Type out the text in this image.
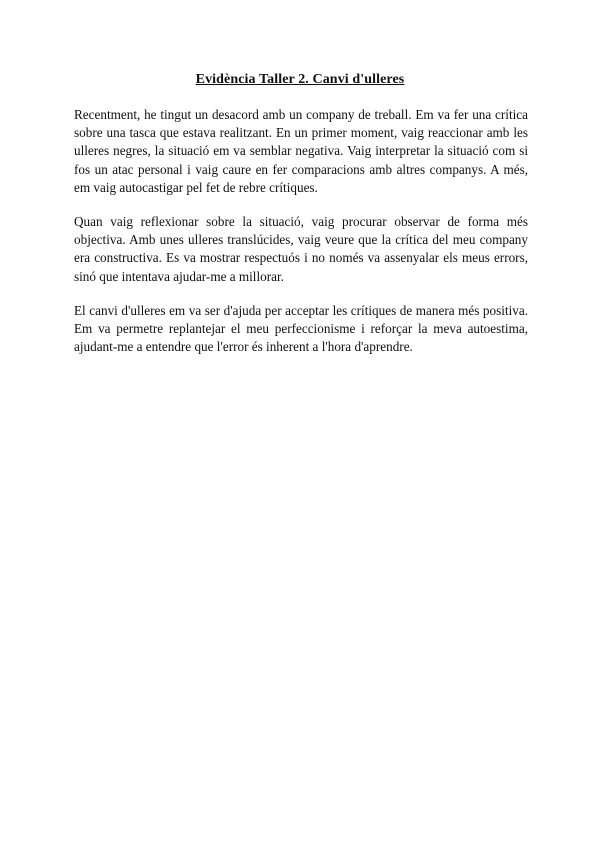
Evidència Taller 2. Canvi d'ulleres

Recentment, he tingut un desacord amb un company de treball. Em va fer una crítica sobre una tasca que estava realitzant. En un primer moment, vaig reaccionar amb les ulleres negres, la situació em va semblar negativa. Vaig interpretar la situació com si fos un atac personal i vaig caure en fer comparacions amb altres companys. A més, em vaig autocastigar pel fet de rebre crítiques.

Quan vaig reflexionar sobre la situació, vaig procurar observar de forma més objectiva. Amb unes ulleres translúcides, vaig veure que la crítica del meu company era constructiva. Es va mostrar respectuós i no només va assenyalar els meus errors, sinó que intentava ajudar-me a millorar.

El canvi d'ulleres em va ser d'ajuda per acceptar les crítiques de manera més positiva. Em va permetre replantejar el meu perfeccionisme i reforçar la meva autoestima, ajudant-me a entendre que l'error és inherent a l'hora d'aprendre.
